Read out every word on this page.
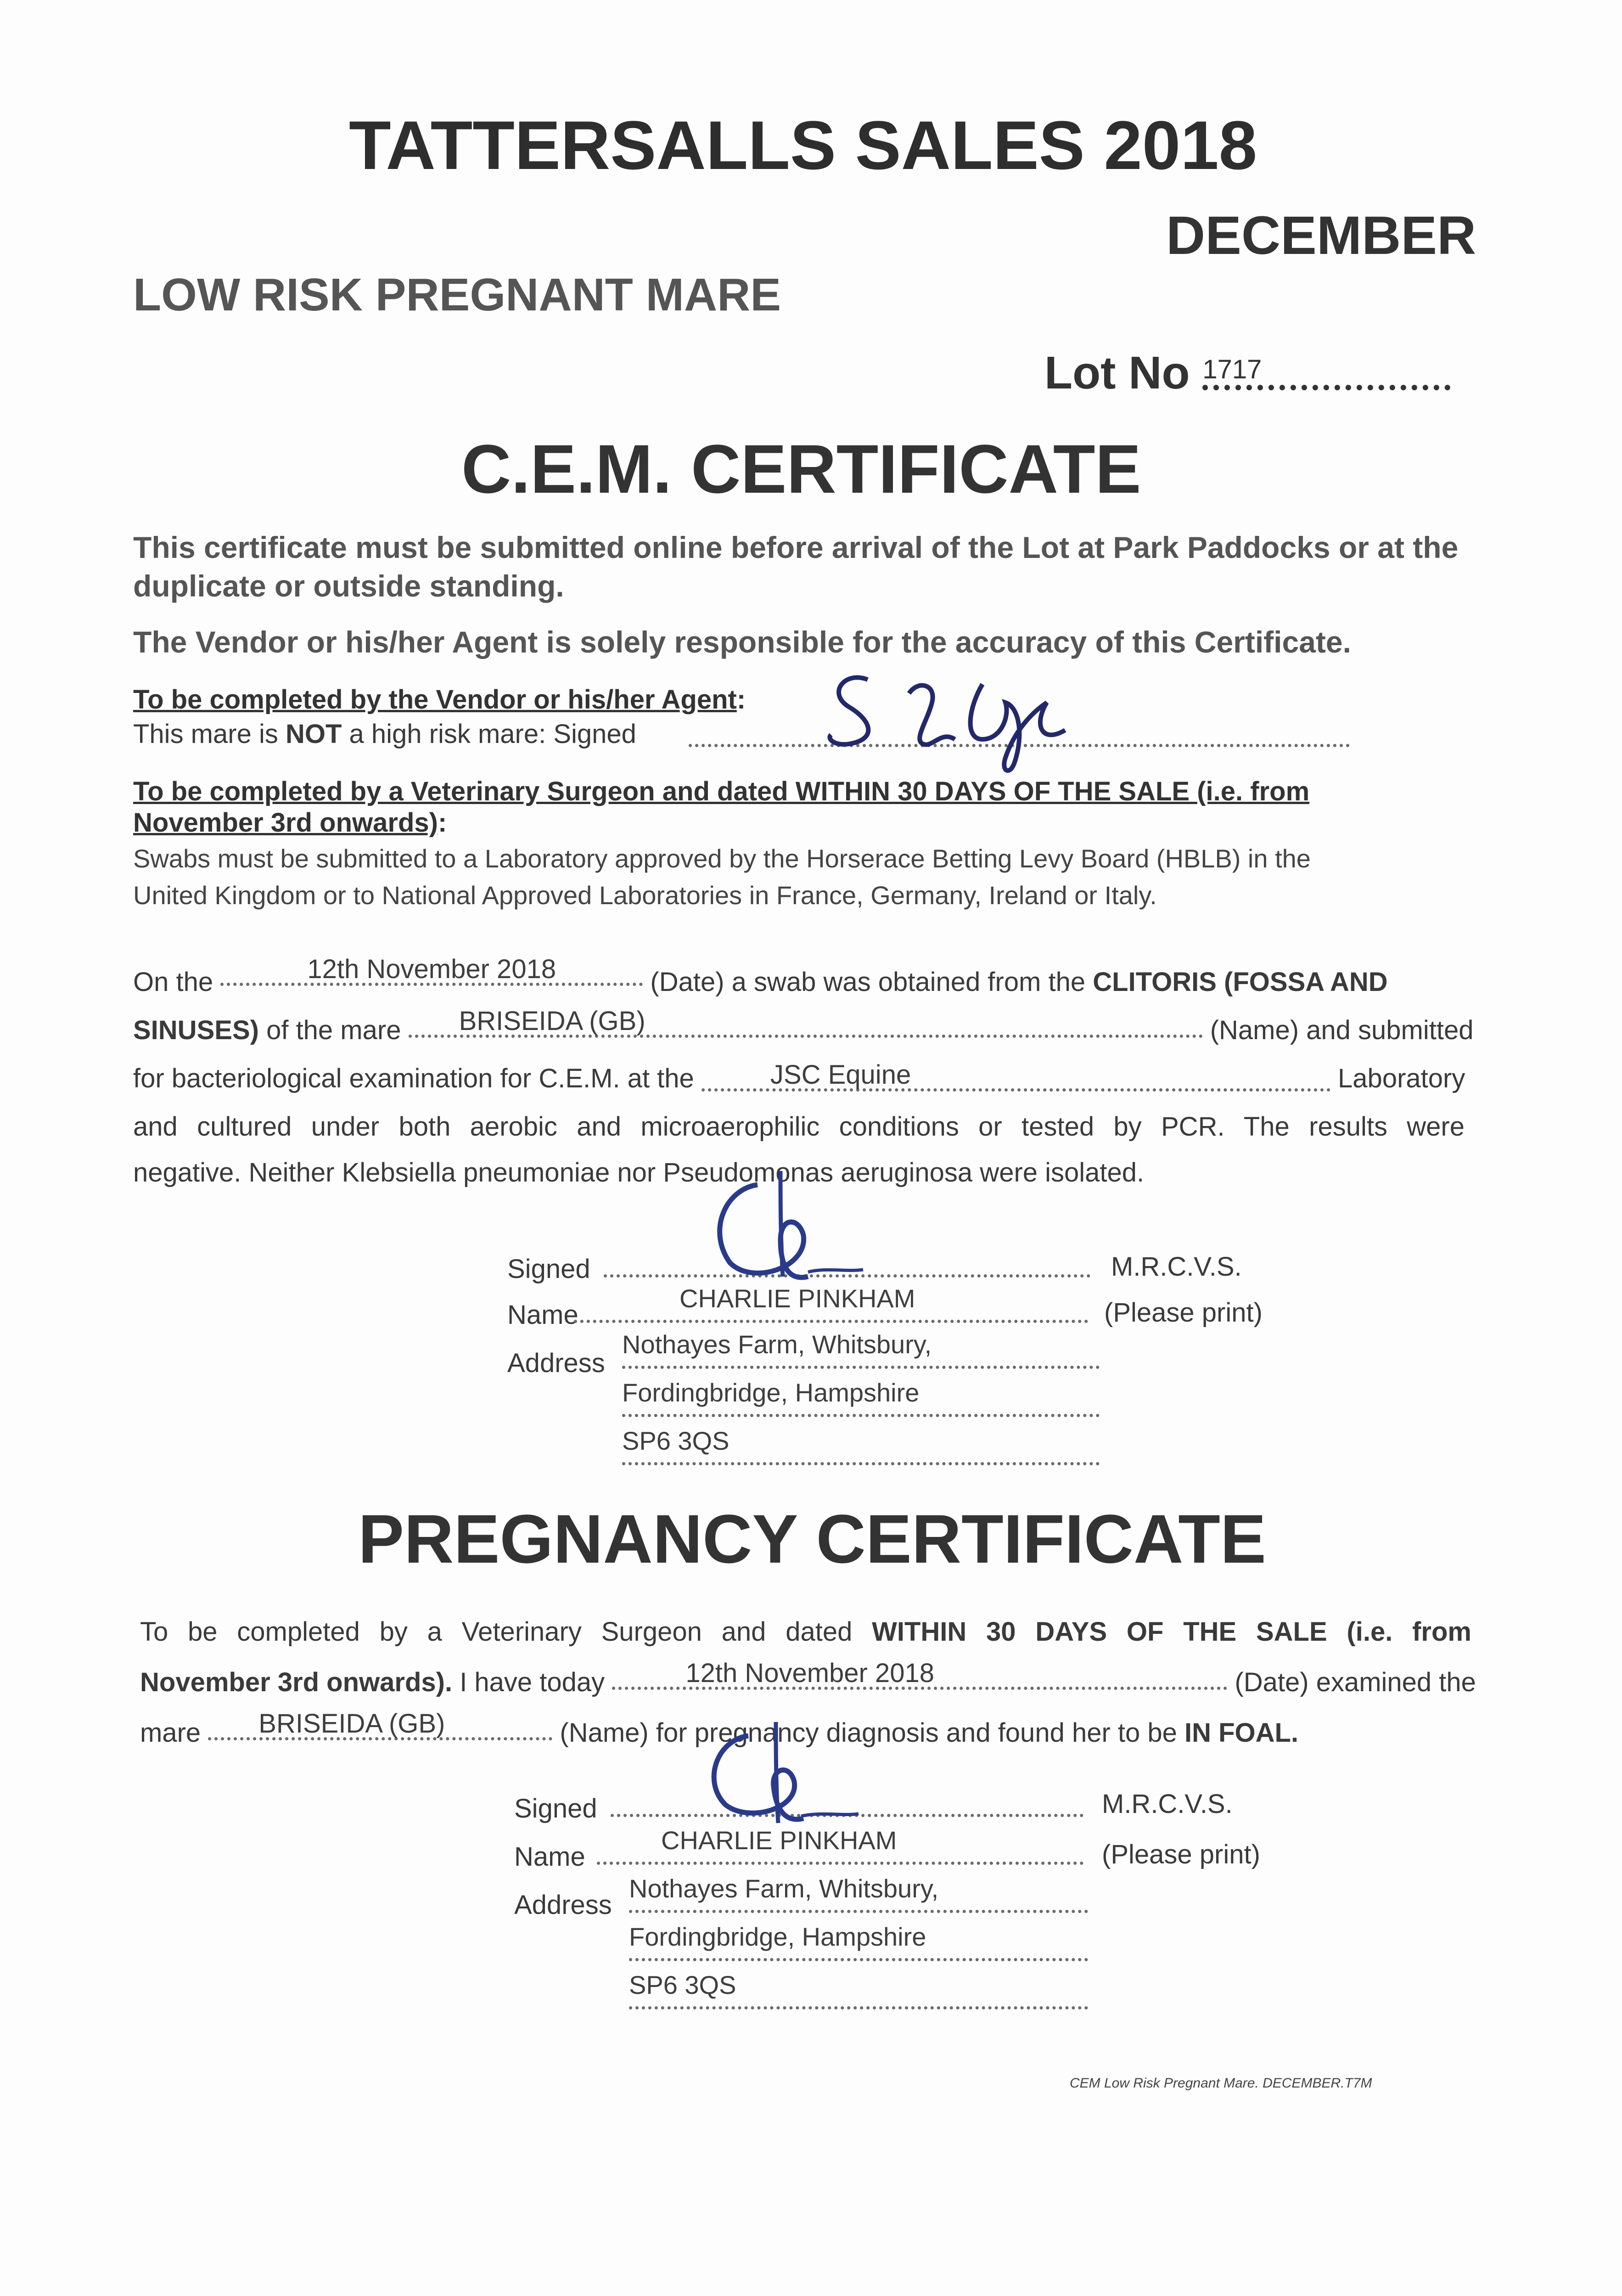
TATTERSALLS SALES 2018
DECEMBER
LOW RISK PREGNANT MARE
Lot No 1717
C.E.M. CERTIFICATE
This certificate must be submitted online before arrival of the Lot at Park Paddocks or at the duplicate or outside standing.
The Vendor or his/her Agent is solely responsible for the accuracy of this Certificate.
To be completed by the Vendor or his/her Agent:
This mare is NOT a high risk mare: Signed
To be completed by a Veterinary Surgeon and dated WITHIN 30 DAYS OF THE SALE (i.e. from
November 3rd onwards):
Swabs must be submitted to a Laboratory approved by the Horserace Betting Levy Board (HBLB) in the
United Kingdom or to National Approved Laboratories in France, Germany, Ireland or Italy.
On the	12th November 2018	(Date) a swab was obtained from the CLITORIS (FOSSA AND
SINUSES) of the mare BRISEIDA (GB)	(Name) and submitted
for bacteriological examination for C.E.M. at the	JSC Equine	Laboratory
and cultured under both aerobic and microaerophilic conditions or tested by PCR. The results were
negative. Neither Klebsiella pneumoniae nor Pseudomonas aeruginosa were isolated.
Signed	M.R.C.V.S.
Name
CHARLIE PINKHAM	(Please print)
Address
Nothayes Farm, Whitsbury,
Fordingbridge, Hampshire
SP6 3QS
PREGNANCY CERTIFICATE
To be completed by a Veterinary Surgeon and dated WITHIN 30 DAYS OF THE SALE (i.e. from
November 3rd onwards). I have today	12th November 2018	(Date) examined the
mare BRISEIDA (GB)	(Name) for pregnancy diagnosis and found her to be IN FOAL.
Signed	M.R.C.V.S.
Name
CHARLIE PINKHAM	(Please print)
Address
Nothayes Farm, Whitsbury,
Fordingbridge, Hampshire
SP6 3QS
CEM Low Risk Pregnant Mare. DECEMBER.T7M
